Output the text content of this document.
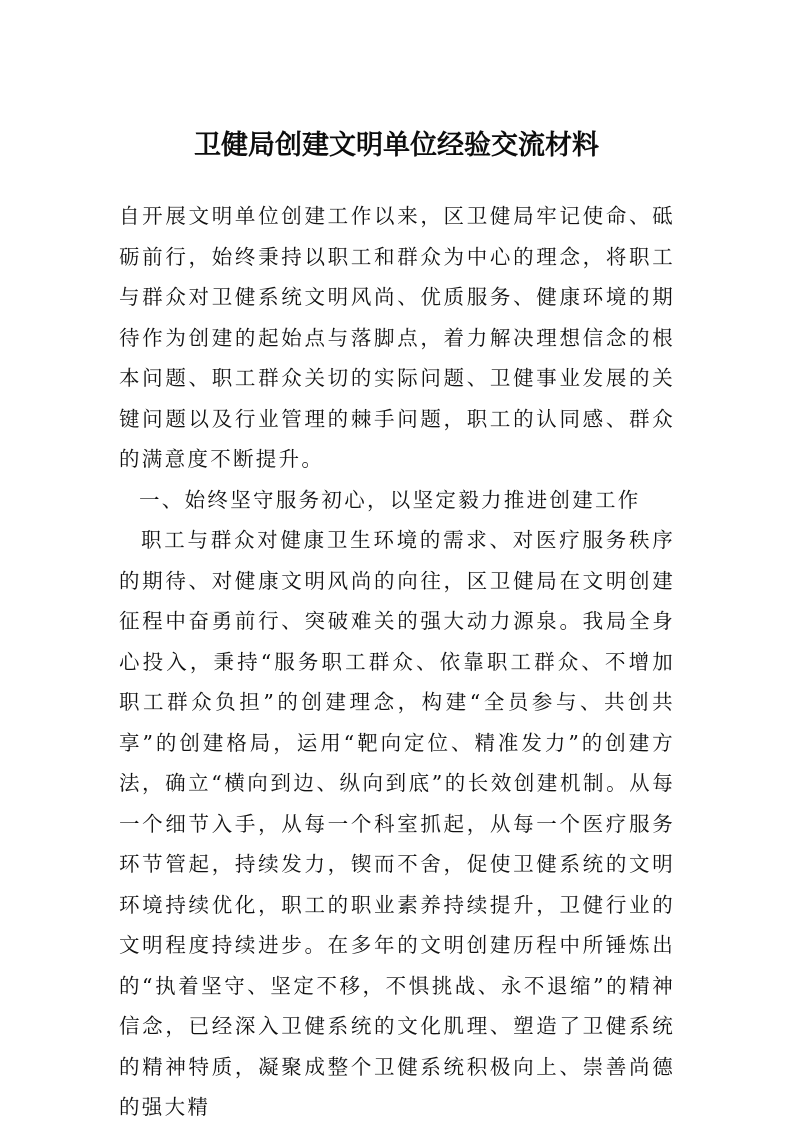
卫健局创建文明单位经验交流材料

自开展文明单位创建工作以来，区卫健局牢记使命、砥砺前行，始终秉持以职工和群众为中心的理念，将职工与群众对卫健系统文明风尚、优质服务、健康环境的期待作为创建的起始点与落脚点，着力解决理想信念的根本问题、职工群众关切的实际问题、卫健事业发展的关键问题以及行业管理的棘手问题，职工的认同感、群众的满意度不断提升。

一、始终坚守服务初心，以坚定毅力推进创建工作

职工与群众对健康卫生环境的需求、对医疗服务秩序的期待、对健康文明风尚的向往，区卫健局在文明创建征程中奋勇前行、突破难关的强大动力源泉。我局全身心投入，秉持“服务职工群众、依靠职工群众、不增加职工群众负担”的创建理念，构建“全员参与、共创共享”的创建格局，运用“靶向定位、精准发力”的创建方法，确立“横向到边、纵向到底”的长效创建机制。从每一个细节入手，从每一个科室抓起，从每一个医疗服务环节管起，持续发力，锲而不舍，促使卫健系统的文明环境持续优化，职工的职业素养持续提升，卫健行业的文明程度持续进步。在多年的文明创建历程中所锤炼出的“执着坚守、坚定不移，不惧挑战、永不退缩”的精神信念，已经深入卫健系统的文化肌理、塑造了卫健系统的精神特质，凝聚成整个卫健系统积极向上、崇善尚德的强大精
